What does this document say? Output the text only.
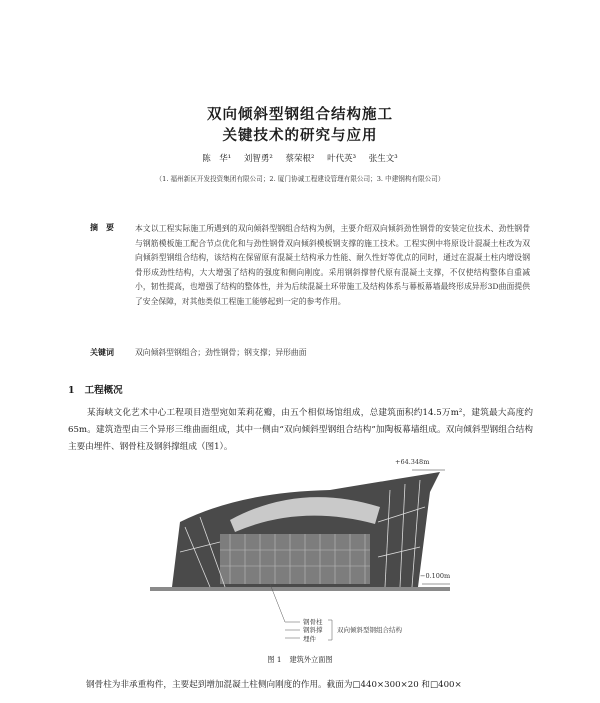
双向倾斜型钢组合结构施工
关键技术的研究与应用
陈　华¹ 刘智勇² 蔡荣根² 叶代英³ 张生文³
（1. 福州新区开发投资集团有限公司；2. 厦门协诚工程建设管理有限公司；3. 中建钢构有限公司）
摘要 本文以工程实际施工所遇到的双向倾斜型钢组合结构为例，主要介绍双向倾斜劲性钢骨的安装定位技术、劲性钢骨与钢筋模板施工配合节点优化和与劲性钢骨双向倾斜模板钢支撑的施工技术。工程实例中将原设计混凝土柱改为双向倾斜型钢组合结构，该结构在保留原有混凝土结构承力性能、耐久性好等优点的同时，通过在混凝土柱内增设钢骨形成劲性结构，大大增强了结构的强度和侧向刚度。采用钢斜撑替代原有混凝土支撑，不仅使结构整体自重减小，韧性提高，也增强了结构的整体性，并为后续混凝土环带施工及结构体系与幕板幕墙最终形成异形3D曲面提供了安全保障，对其他类似工程施工能够起到一定的参考作用。
关键词	双向倾斜型钢组合；劲性钢骨；钢支撑；异形曲面
1 工程概况
某海峡文化艺术中心工程项目造型宛如茉莉花瓣，由五个相似场馆组成，总建筑面积约14.5万m²，建筑最大高度约65m。建筑造型由三个异形三维曲面组成，其中一侧由“双向倾斜型钢组合结构”加陶板幕墙组成。双向倾斜型钢组合结构主要由埋件、钢骨柱及钢斜撑组成（图1）。
+64.348m
−0.100m
钢骨柱
钢斜撑
埋件
双向倾斜型钢组合结构
图 1 建筑外立面图
钢骨柱为非承重构件，主要起到增加混凝土柱侧向刚度的作用。截面为□440×300×20 和□400×
